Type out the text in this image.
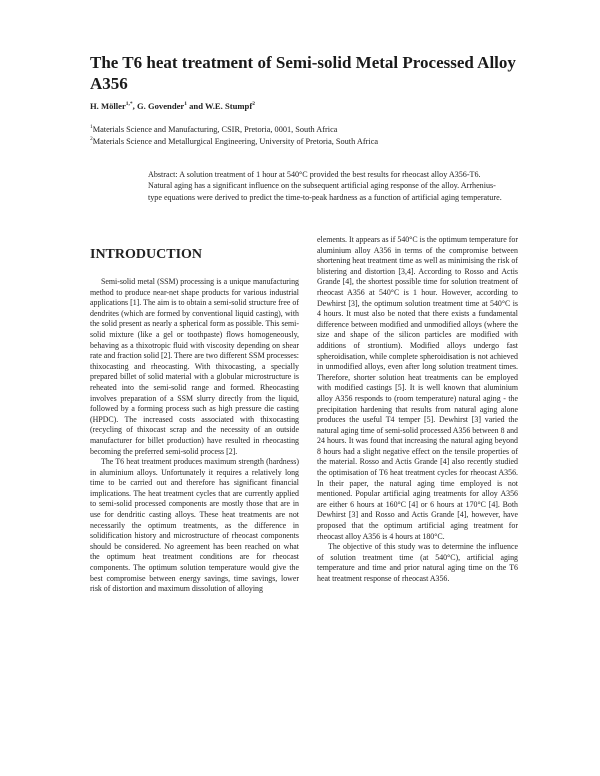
The T6 heat treatment of Semi-solid Metal Processed Alloy A356

H. Möller$^{1,*}$, G. Govender$^1$ and W.E. Stumpf$^2$

$^1$Materials Science and Manufacturing, CSIR, Pretoria, 0001, South Africa

$^2$Materials Science and Metallurgical Engineering, University of Pretoria, South Africa

Abstract: A solution treatment of 1 hour at 540°C provided the best results for rheocast alloy A356-T6. Natural aging has a significant influence on the subsequent artificial aging response of the alloy. Arrhenius-type equations were derived to predict the time-to-peak hardness as a function of artificial aging temperature.

INTRODUCTION

Semi-solid metal (SSM) processing is a unique manufacturing method to produce near-net shape products for various industrial applications [1]. The aim is to obtain a semi-solid structure free of dendrites (which are formed by conventional liquid casting), with the solid present as nearly a spherical form as possible. This semi-solid mixture (like a gel or toothpaste) flows homogeneously, behaving as a thixotropic fluid with viscosity depending on shear rate and fraction solid [2]. There are two different SSM processes: thixocasting and rheocasting. With thixocasting, a specially prepared billet of solid material with a globular microstructure is reheated into the semi-solid range and formed. Rheocasting involves preparation of a SSM slurry directly from the liquid, followed by a forming process such as high pressure die casting (HPDC). The increased costs associated with thixocasting (recycling of thixocast scrap and the necessity of an outside manufacturer for billet production) have resulted in rheocasting becoming the preferred semi-solid process [2].

The T6 heat treatment produces maximum strength (hardness) in aluminium alloys. Unfortunately it requires a relatively long time to be carried out and therefore has significant financial implications. The heat treatment cycles that are currently applied to semi-solid processed components are mostly those that are in use for dendritic casting alloys. These heat treatments are not necessarily the optimum treatments, as the difference in solidification history and microstructure of rheocast components should be considered. No agreement has been reached on what the optimum heat treatment conditions are for rheocast components. The optimum solution temperature would give the best compromise between energy savings, time savings, lower risk of distortion and maximum dissolution of alloying

elements. It appears as if 540°C is the optimum temperature for aluminium alloy A356 in terms of the compromise between shortening heat treatment time as well as minimising the risk of blistering and distortion [3,4]. According to Rosso and Actis Grande [4], the shortest possible time for solution treatment of rheocast A356 at 540°C is 1 hour. However, according to Dewhirst [3], the optimum solution treatment time at 540°C is 4 hours. It must also be noted that there exists a fundamental difference between modified and unmodified alloys (where the size and shape of the silicon particles are modified with additions of strontium). Modified alloys undergo fast spheroidisation, while complete spheroidisation is not achieved in unmodified alloys, even after long solution treatment times. Therefore, shorter solution heat treatments can be employed with modified castings [5]. It is well known that aluminium alloy A356 responds to (room temperature) natural aging - the precipitation hardening that results from natural aging alone produces the useful T4 temper [5]. Dewhirst [3] varied the natural aging time of semi-solid processed A356 between 8 and 24 hours. It was found that increasing the natural aging beyond 8 hours had a slight negative effect on the tensile properties of the material. Rosso and Actis Grande [4] also recently studied the optimisation of T6 heat treatment cycles for rheocast A356. In their paper, the natural aging time employed is not mentioned. Popular artificial aging treatments for alloy A356 are either 6 hours at 160°C [4] or 6 hours at 170°C [4]. Both Dewhirst [3] and Rosso and Actis Grande [4], however, have proposed that the optimum artificial aging treatment for rheocast alloy A356 is 4 hours at 180°C.

The objective of this study was to determine the influence of solution treatment time (at 540°C), artificial aging temperature and time and prior natural aging time on the T6 heat treatment response of rheocast A356.
